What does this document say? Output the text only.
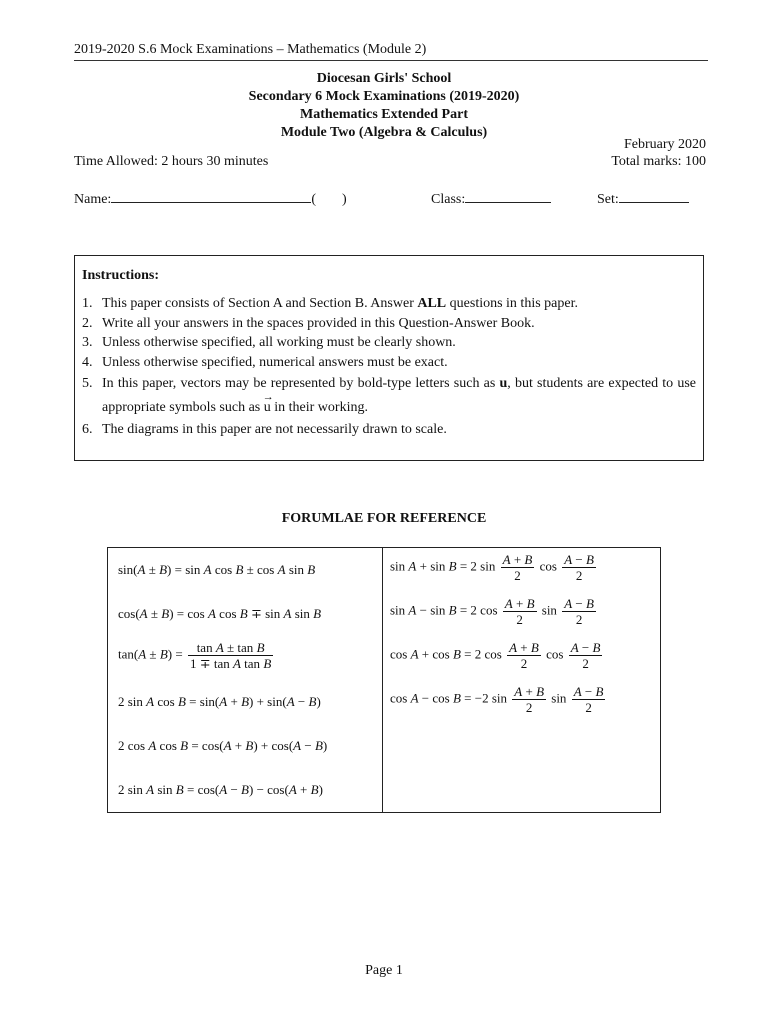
2019-2020 S.6 Mock Examinations – Mathematics (Module 2)
Diocesan Girls' School
Secondary 6 Mock Examinations (2019-2020)
Mathematics Extended Part
Module Two (Algebra & Calculus)
February 2020
Time Allowed: 2 hours 30 minutes	Total marks: 100
Name:	( )	Class:	Set:
Instructions:
1. This paper consists of Section A and Section B. Answer ALL questions in this paper.
2. Write all your answers in the spaces provided in this Question-Answer Book.
3. Unless otherwise specified, all working must be clearly shown.
4. Unless otherwise specified, numerical answers must be exact.
5. In this paper, vectors may be represented by bold-type letters such as u, but students are expected to use appropriate symbols such as → u in their working.
6. The diagrams in this paper are not necessarily drawn to scale.
FORUMLAE FOR REFERENCE
sin(A ± B) = sin A cos B ± cos A sin B
cos(A ± B) = cos A cos B ∓ sin A sin B
$\tan(A \pm B) = \frac{\text{tan A ± tan B}}{\text{1 ∓ tan A tan B}}$
2 sin A cos B = sin(A + B) + sin(A − B)
2 cos A cos B = cos(A + B) + cos(A − B)
2 sin A sin B = cos(A − B) − cos(A + B)
sin A + sin B = 2 $\sin \frac{A + B}{2}$ $\cos \frac{A - B}{2}$
sin A − sin B = 2 $\cos \frac{A + B}{2}$ $\sin \frac{A - B}{2}$
cos A + cos B = 2 $\cos \frac{A + B}{2}$ $\cos \frac{A - B}{2}$
cos A − cos B = −2 $\sin \frac{A + B}{2}$ $\sin \frac{A - B}{2}$
Page 1
